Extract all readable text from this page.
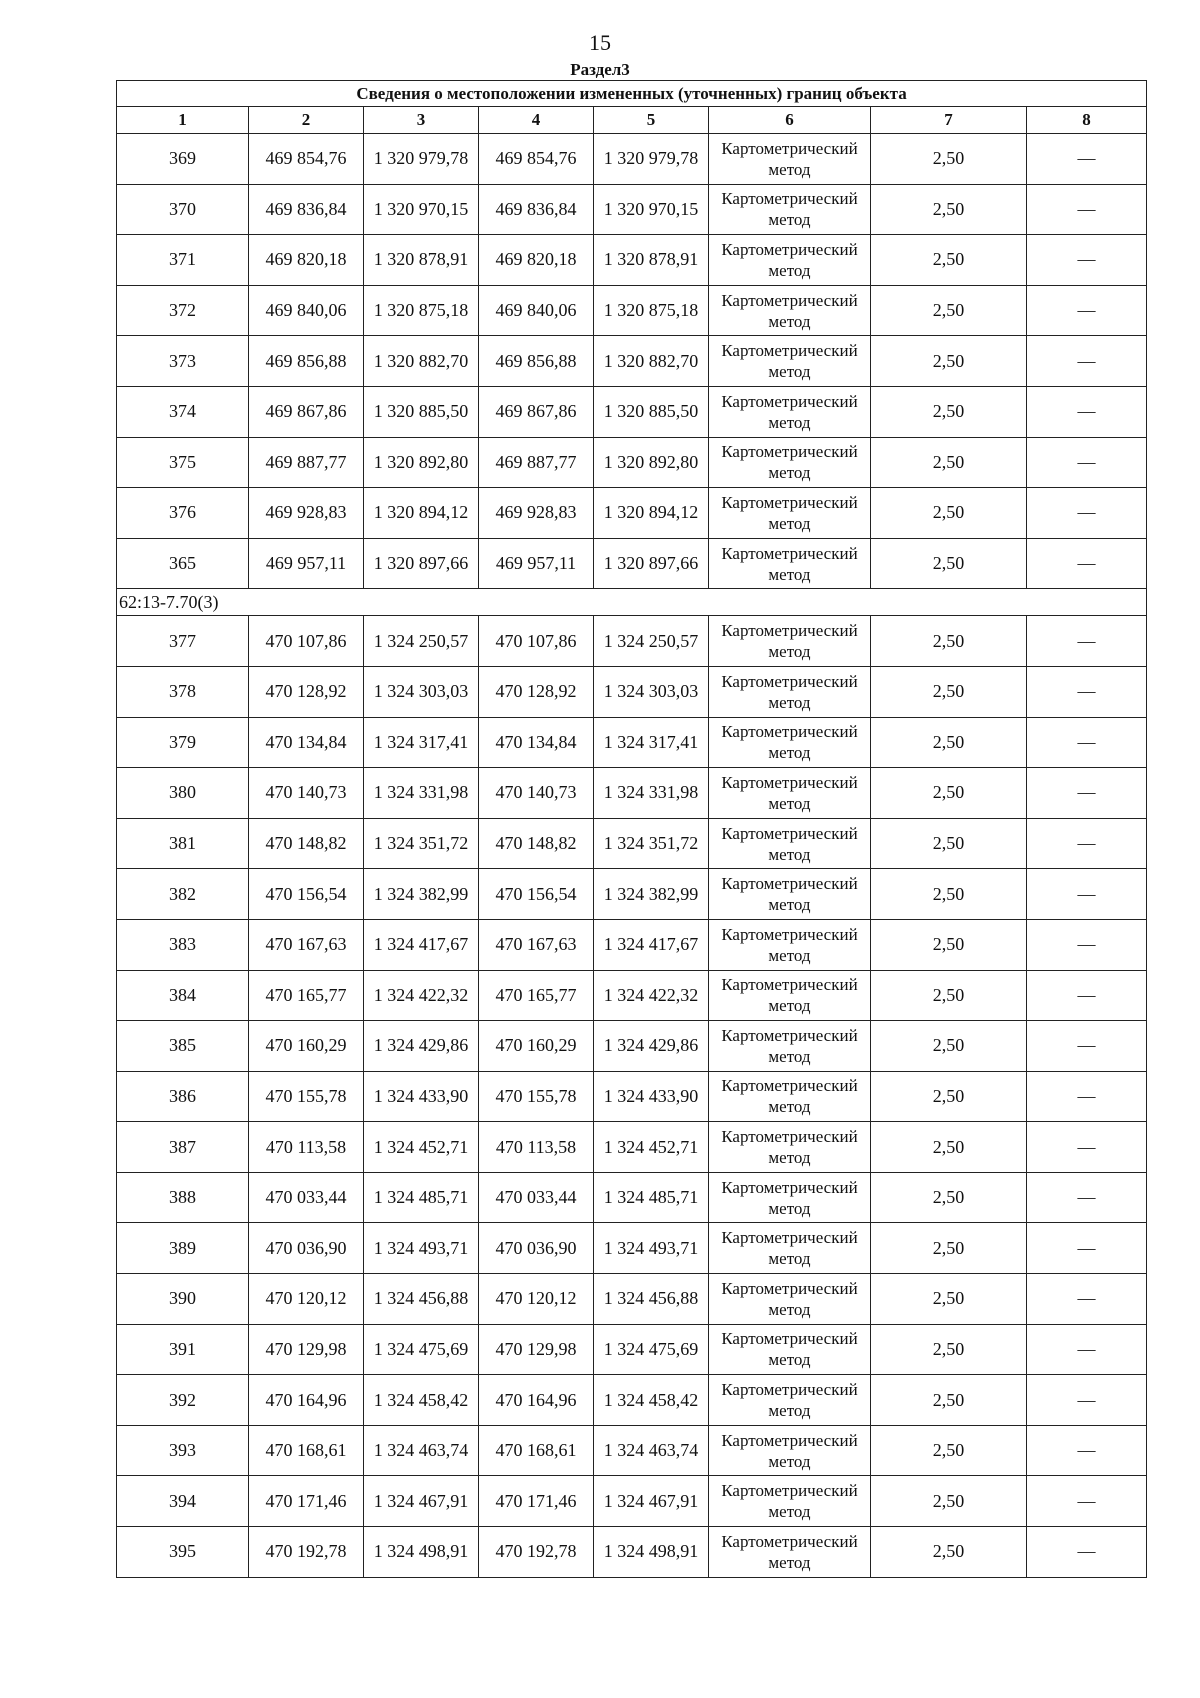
15
Раздел3
Сведения о местоположении измененных (уточненных) границ объекта							
1	2	3	4	5	6	7	8
369	469 854,76	1 320 979,78	469 854,76	1 320 979,78	Картометрический метод	2,50	—
370	469 836,84	1 320 970,15	469 836,84	1 320 970,15	Картометрический метод	2,50	—
371	469 820,18	1 320 878,91	469 820,18	1 320 878,91	Картометрический метод	2,50	—
372	469 840,06	1 320 875,18	469 840,06	1 320 875,18	Картометрический метод	2,50	—
373	469 856,88	1 320 882,70	469 856,88	1 320 882,70	Картометрический метод	2,50	—
374	469 867,86	1 320 885,50	469 867,86	1 320 885,50	Картометрический метод	2,50	—
375	469 887,77	1 320 892,80	469 887,77	1 320 892,80	Картометрический метод	2,50	—
376	469 928,83	1 320 894,12	469 928,83	1 320 894,12	Картометрический метод	2,50	—
365	469 957,11	1 320 897,66	469 957,11	1 320 897,66	Картометрический метод	2,50	—
62:13-7.70(3)							
377	470 107,86	1 324 250,57	470 107,86	1 324 250,57	Картометрический метод	2,50	—
378	470 128,92	1 324 303,03	470 128,92	1 324 303,03	Картометрический метод	2,50	—
379	470 134,84	1 324 317,41	470 134,84	1 324 317,41	Картометрический метод	2,50	—
380	470 140,73	1 324 331,98	470 140,73	1 324 331,98	Картометрический метод	2,50	—
381	470 148,82	1 324 351,72	470 148,82	1 324 351,72	Картометрический метод	2,50	—
382	470 156,54	1 324 382,99	470 156,54	1 324 382,99	Картометрический метод	2,50	—
383	470 167,63	1 324 417,67	470 167,63	1 324 417,67	Картометрический метод	2,50	—
384	470 165,77	1 324 422,32	470 165,77	1 324 422,32	Картометрический метод	2,50	—
385	470 160,29	1 324 429,86	470 160,29	1 324 429,86	Картометрический метод	2,50	—
386	470 155,78	1 324 433,90	470 155,78	1 324 433,90	Картометрический метод	2,50	—
387	470 113,58	1 324 452,71	470 113,58	1 324 452,71	Картометрический метод	2,50	—
388	470 033,44	1 324 485,71	470 033,44	1 324 485,71	Картометрический метод	2,50	—
389	470 036,90	1 324 493,71	470 036,90	1 324 493,71	Картометрический метод	2,50	—
390	470 120,12	1 324 456,88	470 120,12	1 324 456,88	Картометрический метод	2,50	—
391	470 129,98	1 324 475,69	470 129,98	1 324 475,69	Картометрический метод	2,50	—
392	470 164,96	1 324 458,42	470 164,96	1 324 458,42	Картометрический метод	2,50	—
393	470 168,61	1 324 463,74	470 168,61	1 324 463,74	Картометрический метод	2,50	—
394	470 171,46	1 324 467,91	470 171,46	1 324 467,91	Картометрический метод	2,50	—
395	470 192,78	1 324 498,91	470 192,78	1 324 498,91	Картометрический метод	2,50	—
